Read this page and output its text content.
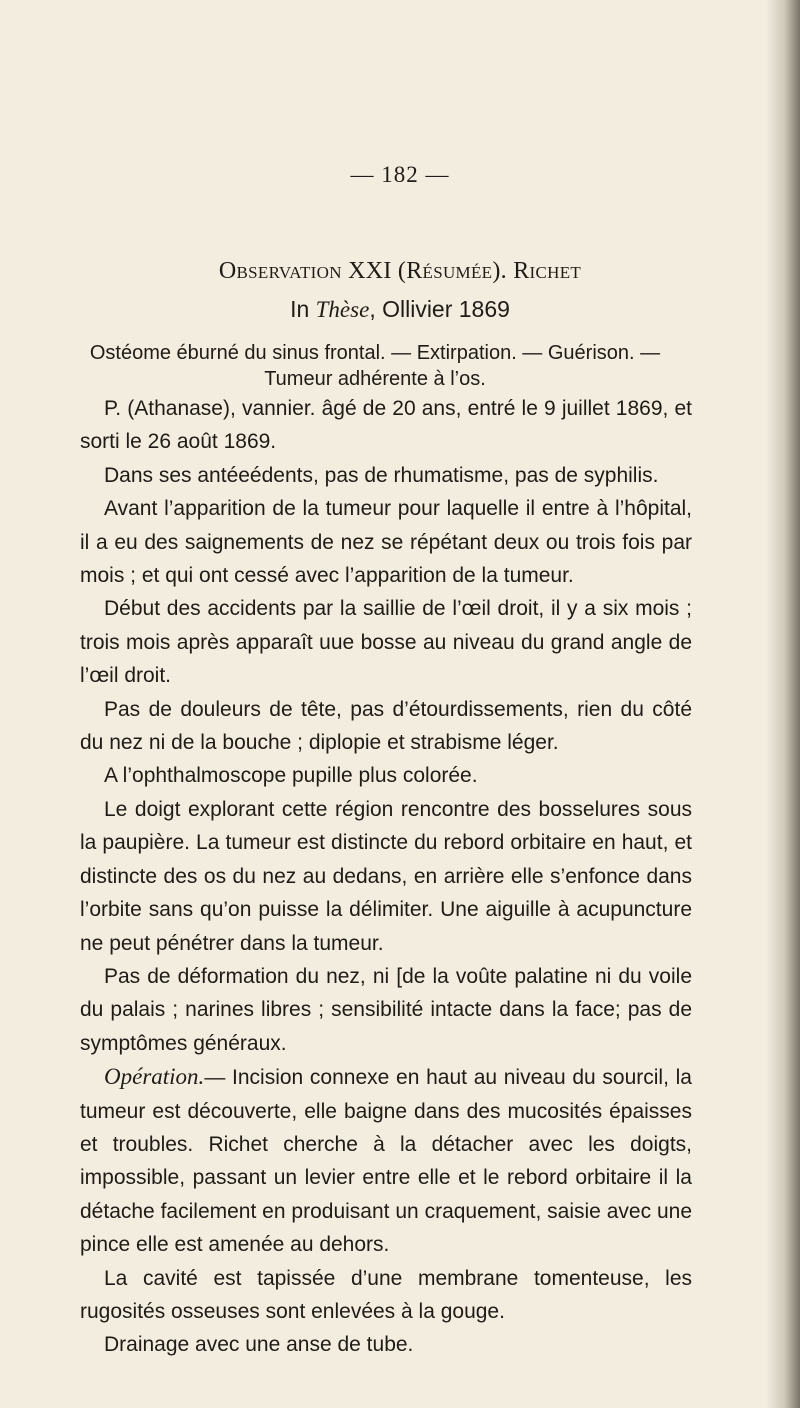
— 182 —
Observation XXI (Résumée). Richet
In Thèse, Ollivier 1869
Ostéome éburné du sinus frontal. — Extirpation. — Guérison. —
Tumeur adhérente à l’os.

P. (Athanase), vannier. âgé de 20 ans, entré le 9 juillet 1869, et sorti le 26 août 1869.

Dans ses antéeédents, pas de rhumatisme, pas de syphilis.

Avant l’apparition de la tumeur pour laquelle il entre à l’hôpital, il a eu des saignements de nez se répétant deux ou trois fois par mois ; et qui ont cessé avec l’apparition de la tumeur.

Début des accidents par la saillie de l’œil droit, il y a six mois ; trois mois après apparaît uue bosse au niveau du grand angle de l’œil droit.

Pas de douleurs de tête, pas d’étourdissements, rien du côté du nez ni de la bouche ; diplopie et strabisme léger.

A l’ophthalmoscope pupille plus colorée.

Le doigt explorant cette région rencontre des bosselures sous la paupière. La tumeur est distincte du rebord orbitaire en haut, et distincte des os du nez au dedans, en arrière elle s’enfonce dans l’orbite sans qu’on puisse la délimiter. Une aiguille à acupuncture ne peut pénétrer dans la tumeur.

Pas de déformation du nez, ni [de la voûte palatine ni du voile du palais ; narines libres ; sensibilité intacte dans la face; pas de symptômes généraux.

Opération.— Incision connexe en haut au niveau du sourcil, la tumeur est découverte, elle baigne dans des mucosités épaisses et troubles. Richet cherche à la détacher avec les doigts, impossible, passant un levier entre elle et le rebord orbitaire il la détache facilement en produisant un craquement, saisie avec une pince elle est amenée au dehors.

La cavité est tapissée d’une membrane tomenteuse, les rugosités osseuses sont enlevées à la gouge.

Drainage avec une anse de tube.
